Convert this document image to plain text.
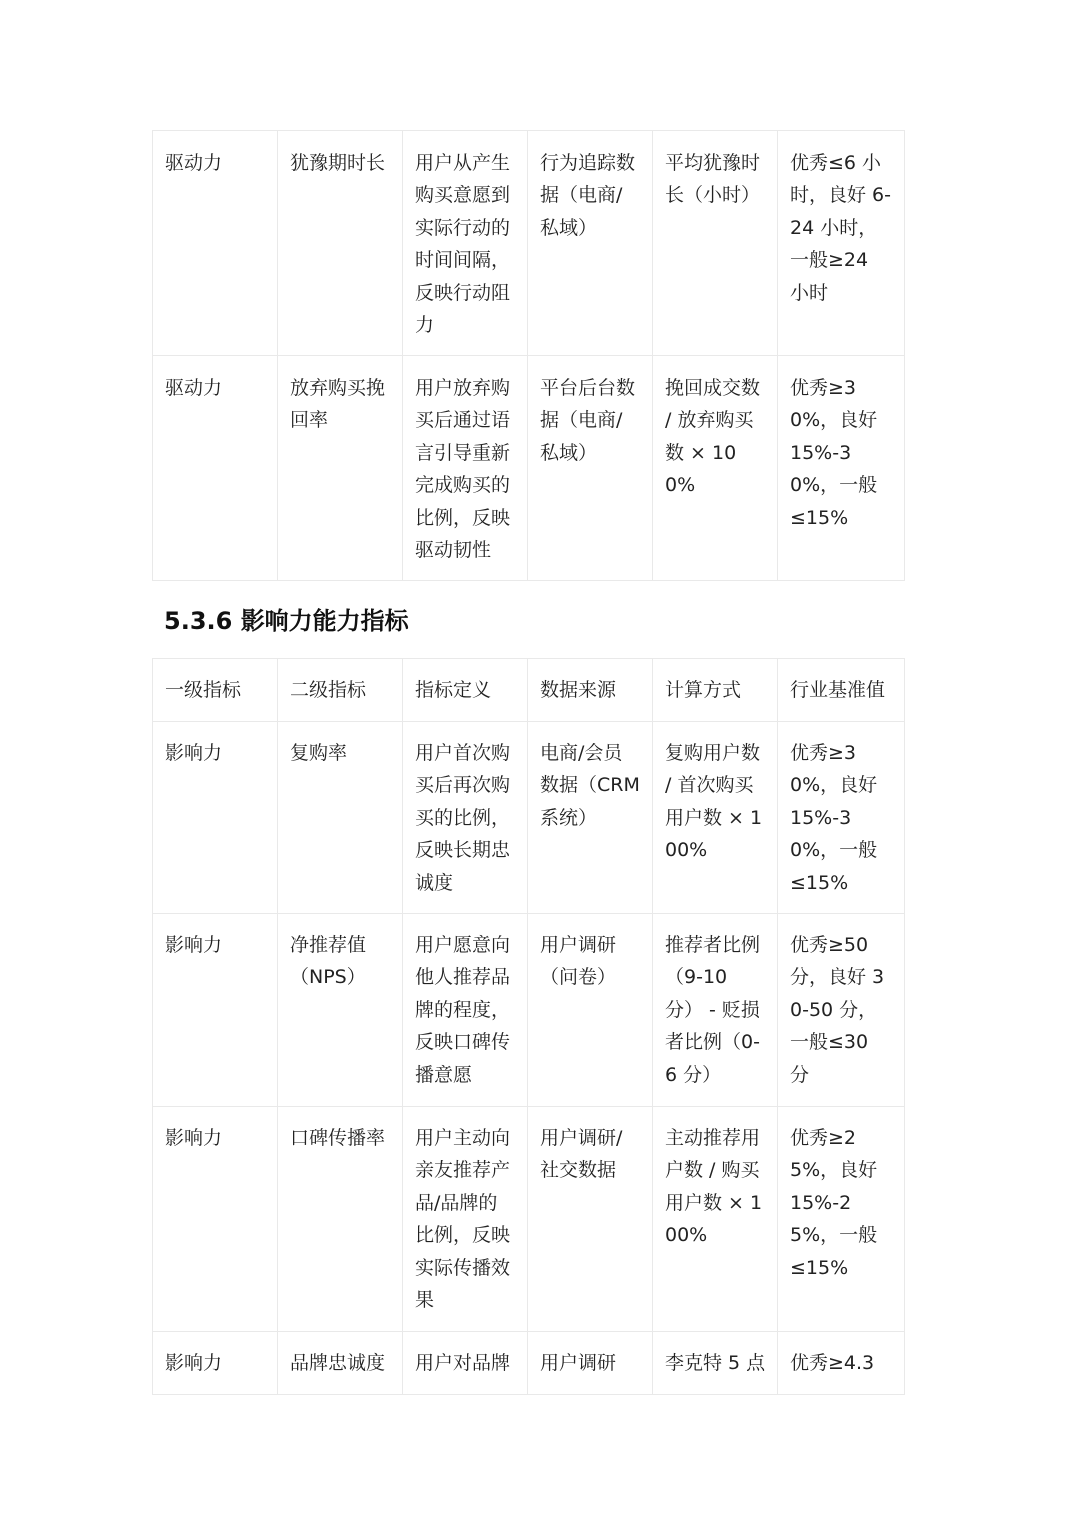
驱动力	犹豫期时长	用户从产生购买意愿到实际行动的时间间隔，反映行动阻力	行为追踪数据（电商/私域）	平均犹豫时长（小时）	优秀≤6 小时，良好 6-24 小时，一般≥24 小时
驱动力	放弃购买挽回率	用户放弃购买后通过语言引导重新完成购买的比例，反映驱动韧性	平台后台数据（电商/私域）	挽回成交数 / 放弃购买数 × 100%	优秀≥30%，良好 15%-30%，一般≤15%
5.3.6 影响力能力指标
一级指标	二级指标	指标定义	数据来源	计算方式	行业基准值
影响力	复购率	用户首次购买后再次购买的比例，反映长期忠诚度	电商/会员数据（CRM 系统）	复购用户数 / 首次购买用户数 × 100%	优秀≥30%，良好 15%-30%，一般≤15%
影响力	净推荐值（NPS）	用户愿意向他人推荐品牌的程度，反映口碑传播意愿	用户调研（问卷）	推荐者比例（9-10 分） - 贬损者比例（0-6 分）	优秀≥50 分，良好 30-50 分，一般≤30 分
影响力	口碑传播率	用户主动向亲友推荐产品/品牌的比例，反映实际传播效果	用户调研/社交数据	主动推荐用户数 / 购买用户数 × 100%	优秀≥25%，良好 15%-25%，一般≤15%
影响力	品牌忠诚度	用户对品牌	用户调研	李克特 5 点	优秀≥4.3
